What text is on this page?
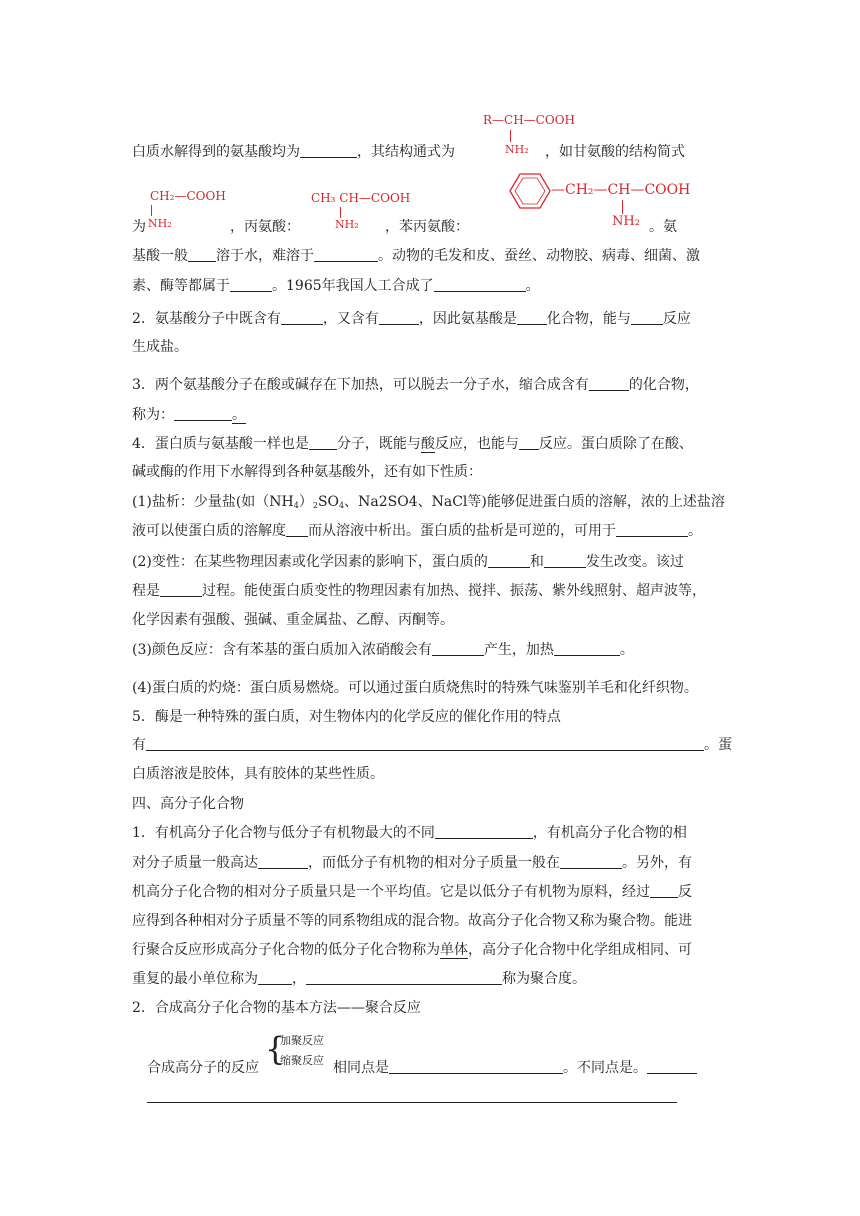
R—CH—COOH
NH₂
白质水解得到的氨基酸均为	，其结构通式为	，如甘氨酸的结构简式
CH₂—COOH
NH₂
CH₃ CH—COOH
NH₂
—CH₂—CH—COOH
NH₂
为	，丙氨酸：	，苯丙氨酸：	。氨
基酸一般 溶于水，难溶于	。动物的毛发和皮、蚕丝、动物胶、病毒、细菌、激
素、酶等都属于	。1965年我国人工合成了	。
2．氨基酸分子中既含有	，又含有	，因此氨基酸是 化合物，能与 反应
生成盐。
3．两个氨基酸分子在酸或碱存在下加热，可以脱去一分子水，缩合成含有	的化合物，
称为：	。
4．蛋白质与氨基酸一样也是 分子，既能与酸反应，也能与 反应。蛋白质除了在酸、
碱或酶的作用下水解得到各种氨基酸外，还有如下性质：
(1)盐析：少量盐(如$(NH_4)_2SO_4$、Na2SO4、NaCl等)能够促进蛋白质的溶解，浓的上述盐溶
液可以使蛋白质的溶解度 而从溶液中析出。蛋白质的盐析是可逆的，可用于	。
(2)变性：在某些物理因素或化学因素的影响下，蛋白质的	和	发生改变。该过
程是	过程。能使蛋白质变性的物理因素有加热、搅拌、振荡、紫外线照射、超声波等，
化学因素有强酸、强碱、重金属盐、乙醇、丙酮等。
(3)颜色反应：含有苯基的蛋白质加入浓硝酸会有	产生，加热	。
(4)蛋白质的灼烧：蛋白质易燃烧。可以通过蛋白质烧焦时的特殊气味鉴别羊毛和化纤织物。
5．酶是一种特殊的蛋白质，对生物体内的化学反应的催化作用的特点
有	。蛋
白质溶液是胶体，具有胶体的某些性质。
四、高分子化合物
1．有机高分子化合物与低分子有机物最大的不同	，有机高分子化合物的相
对分子质量一般高达	，而低分子有机物的相对分子质量一般在	。另外，有
机高分子化合物的相对分子质量只是一个平均值。它是以低分子有机物为原料，经过 反
应得到各种相对分子质量不等的同系物组成的混合物。故高分子化合物又称为聚合物。能进
行聚合反应形成高分子化合物的低分子化合物称为单体，高分子化合物中化学组成相同、可
重复的最小单位称为 ，	称为聚合度。
2．合成高分子化合物的基本方法——聚合反应
{
加聚反应
缩聚反应
合成高分子的反应	相同点是	。不同点是。
